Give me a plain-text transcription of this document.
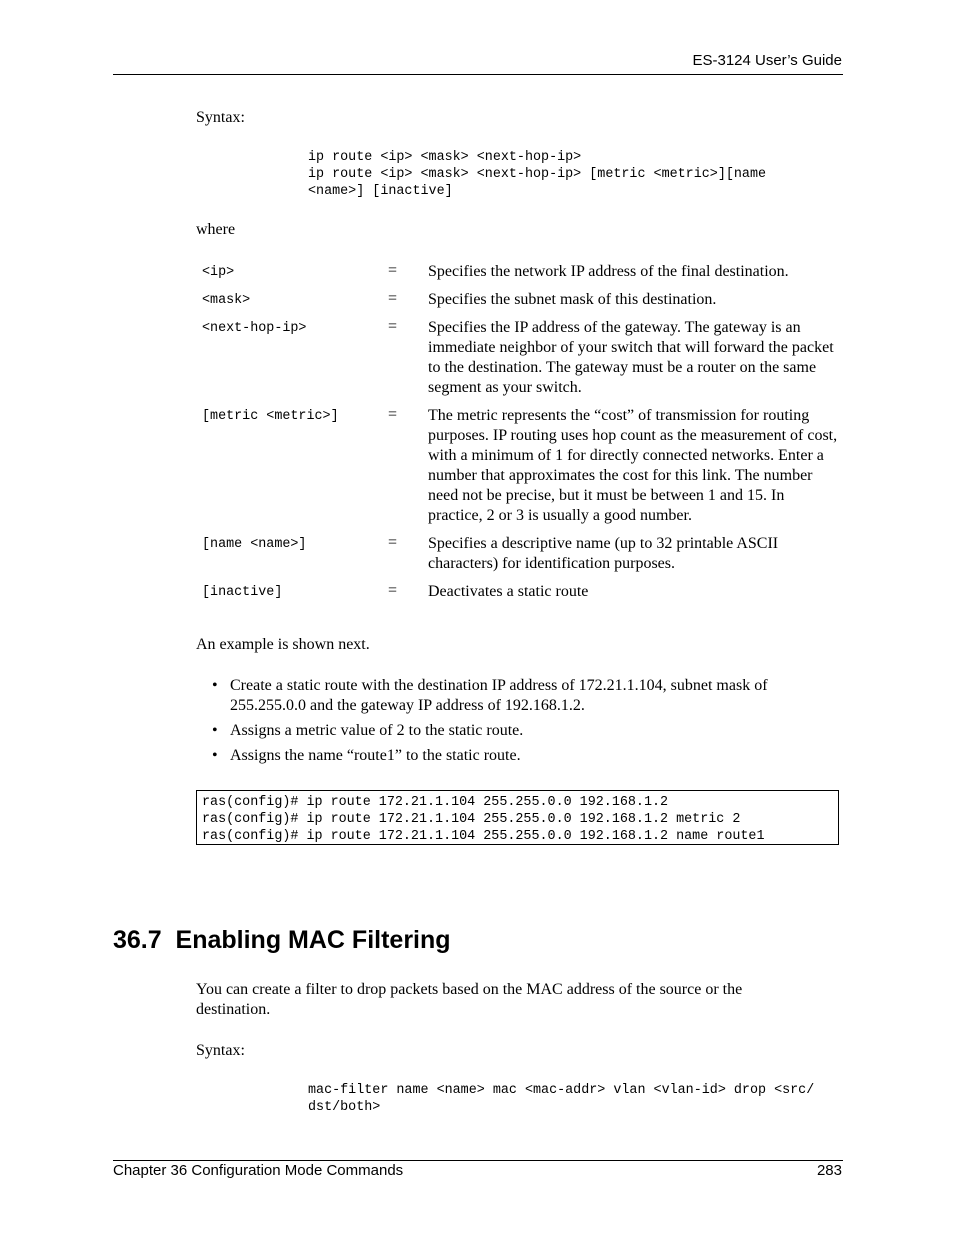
ES-3124 User’s Guide
Syntax:
ip route <ip> <mask> <next-hop-ip>
ip route <ip> <mask> <next-hop-ip> [metric <metric>][name
<name>] [inactive]
where
<ip>	=	Specifies the network IP address of the final destination.
<mask>	=	Specifies the subnet mask of this destination.
<next-hop-ip>	=	Specifies the IP address of the gateway. The gateway is an immediate neighbor of your switch that will forward the packet to the destination. The gateway must be a router on the same segment as your switch.
[metric <metric>]	=	The metric represents the “cost” of transmission for routing purposes. IP routing uses hop count as the measurement of cost, with a minimum of 1 for directly connected networks. Enter a number that approximates the cost for this link. The number need not be precise, but it must be between 1 and 15. In practice, 2 or 3 is usually a good number.
[name <name>]	=	Specifies a descriptive name (up to 32 printable ASCII characters) for identification purposes.
[inactive]	=	Deactivates a static route
An example is shown next.
• Create a static route with the destination IP address of 172.21.1.104, subnet mask of 255.255.0.0 and the gateway IP address of 192.168.1.2.
• Assigns a metric value of 2 to the static route.
• Assigns the name “route1” to the static route.
ras(config)# ip route 172.21.1.104 255.255.0.0 192.168.1.2
ras(config)# ip route 172.21.1.104 255.255.0.0 192.168.1.2 metric 2
ras(config)# ip route 172.21.1.104 255.255.0.0 192.168.1.2 name route1
36.7  Enabling MAC Filtering
You can create a filter to drop packets based on the MAC address of the source or the destination.
Syntax:
mac-filter name <name> mac <mac-addr> vlan <vlan-id> drop <src/
dst/both>
Chapter 36 Configuration Mode Commands	283
